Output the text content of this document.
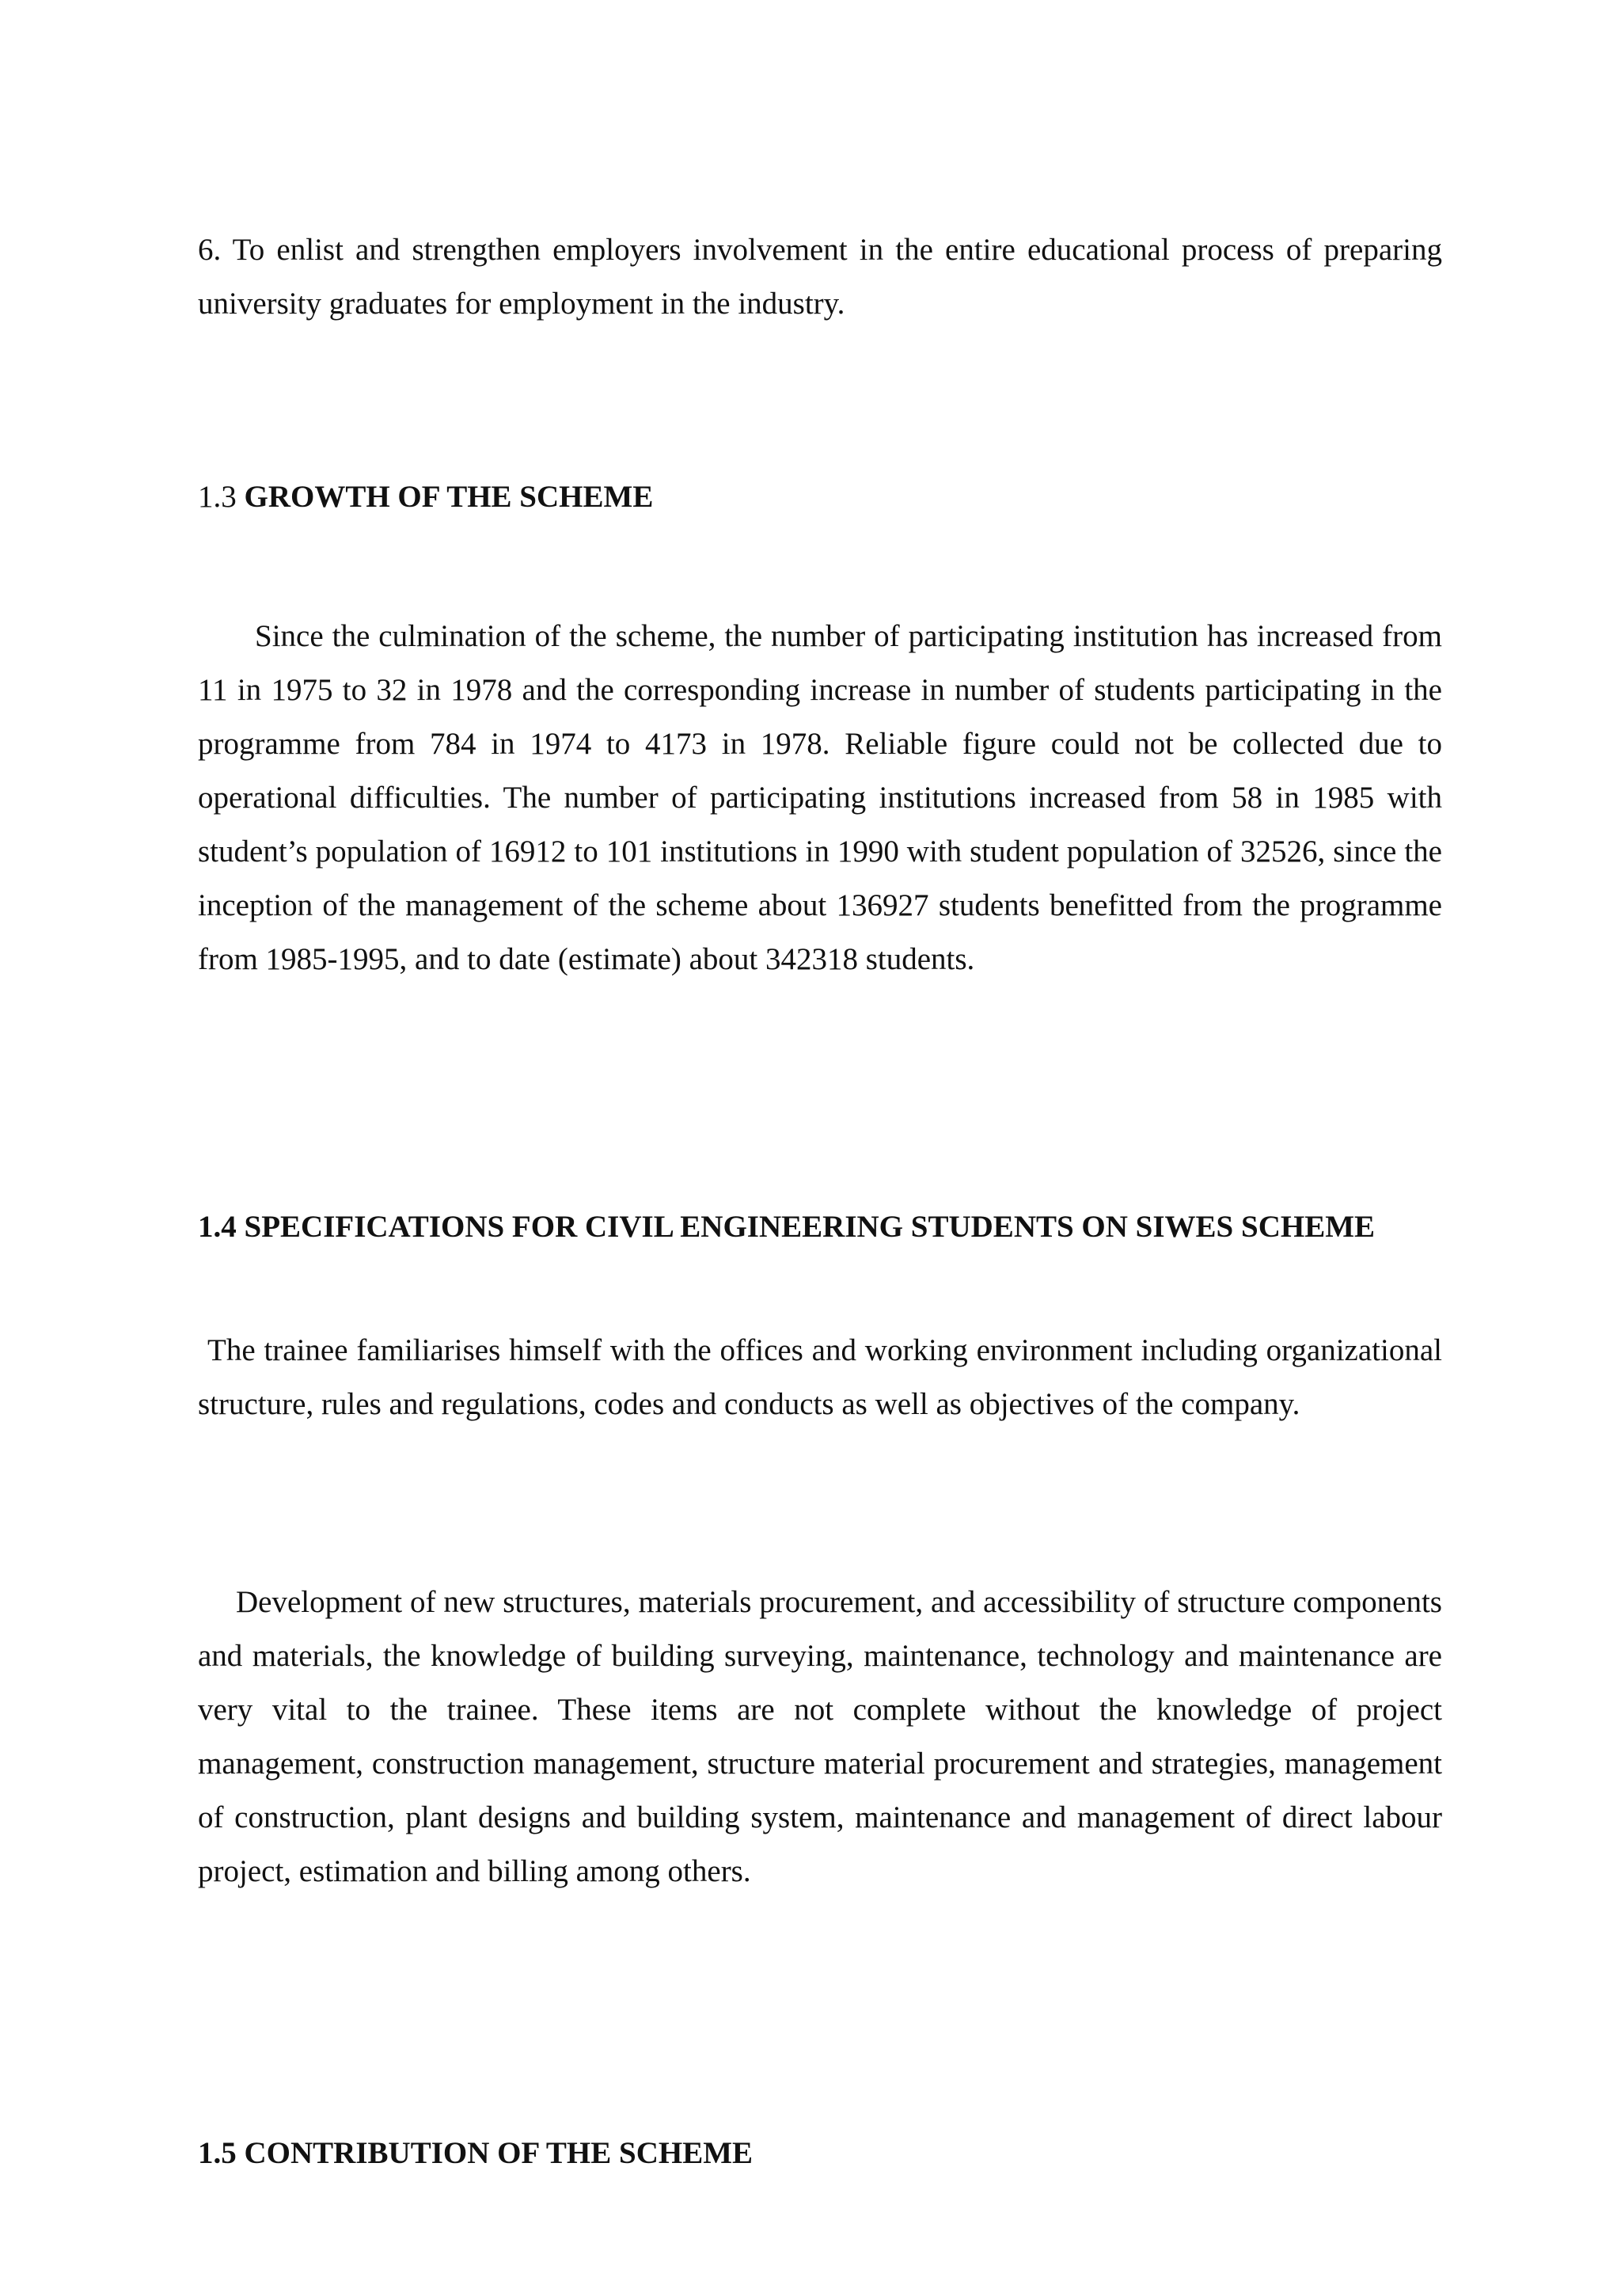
6. To enlist and strengthen employers involvement in the entire educational process of preparing university graduates for employment in the industry.

1.3 GROWTH OF THE SCHEME

Since the culmination of the scheme, the number of participating institution has increased from 11 in 1975 to 32 in 1978 and the corresponding increase in number of students participating in the programme from 784 in 1974 to 4173 in 1978. Reliable figure could not be collected due to operational difficulties. The number of participating institutions increased from 58 in 1985 with student’s population of 16912 to 101 institutions in 1990 with student population of 32526, since the inception of the management of the scheme about 136927 students benefitted from the programme from 1985-1995, and to date (estimate) about 342318 students.

1.4 SPECIFICATIONS FOR CIVIL ENGINEERING STUDENTS ON SIWES SCHEME

The trainee familiarises himself with the offices and working environment including organizational structure, rules and regulations, codes and conducts as well as objectives of the company.

Development of new structures, materials procurement, and accessibility of structure components and materials, the knowledge of building surveying, maintenance, technology and maintenance are very vital to the trainee. These items are not complete without the knowledge of project management, construction management, structure material procurement and strategies, management of construction, plant designs and building system, maintenance and management of direct labour project, estimation and billing among others.

1.5 CONTRIBUTION OF THE SCHEME
